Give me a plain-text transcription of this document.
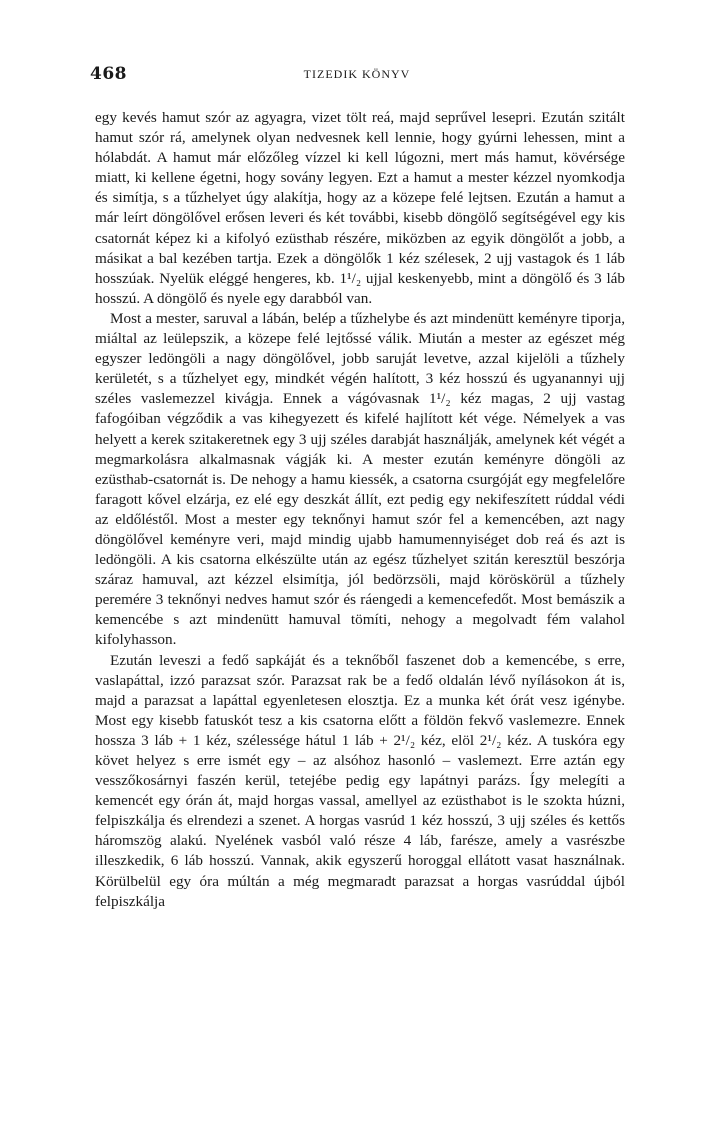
468	TIZEDIK KÖNYV

egy kevés hamut szór az agyagra, vizet tölt reá, majd seprűvel lesepri. Ezután szitált hamut szór rá, amelynek olyan nedvesnek kell lennie, hogy gyúrni lehessen, mint a hólabdát. A hamut már előzőleg vízzel ki kell lúgozni, mert más hamut, kövérsége miatt, ki kellene égetni, hogy sovány legyen. Ezt a hamut a mester kézzel nyomkodja és simítja, s a tűzhelyet úgy alakítja, hogy az a közepe felé lejtsen. Ezután a hamut a már leírt döngölővel erősen leveri és két további, kisebb döngölő segítségével egy kis csatornát képez ki a kifolyó ezüsthab részére, miközben az egyik döngölőt a jobb, a másikat a bal kezében tartja. Ezek a döngölők 1 kéz szélesek, 2 ujj vastagok és 1 láb hosszúak. Nyelük eléggé hengeres, kb. 1¹/₂ ujjal keskenyebb, mint a döngölő és 3 láb hosszú. A döngölő és nyele egy darabból van.

Most a mester, saruval a lábán, belép a tűzhelybe és azt mindenütt keményre tiporja, miáltal az leülepszik, a közepe felé lejtőssé válik. Miután a mester az egészet még egyszer ledöngöli a nagy döngölővel, jobb saruját levetve, azzal kijelöli a tűzhely kerületét, s a tűzhelyet egy, mindkét végén halított, 3 kéz hosszú és ugyanannyi ujj széles vaslemezzel kivágja. Ennek a vágóvasnak 1¹/₂ kéz magas, 2 ujj vastag fafogóiban végződik a vas kihegyezett és kifelé hajlított két vége. Némelyek a vas helyett a kerek szitakeretnek egy 3 ujj széles darabját használják, amelynek két végét a megmarkolásra alkalmasnak vágják ki. A mester ezután keményre döngöli az ezüsthab-csatornát is. De nehogy a hamu kiessék, a csatorna csurgóját egy megfelelőre faragott kővel elzárja, ez elé egy deszkát állít, ezt pedig egy nekifeszített rúddal védi az eldőléstől. Most a mester egy teknőnyi hamut szór fel a kemencében, azt nagy döngölővel keményre veri, majd mindig ujabb hamumennyiséget dob reá és azt is ledöngöli. A kis csatorna elkészülte után az egész tűzhelyet szitán keresztül beszórja száraz hamuval, azt kézzel elsimítja, jól bedörzsöli, majd köröskörül a tűzhely peremére 3 teknőnyi nedves hamut szór és ráengedi a kemencefedőt. Most bemászik a kemencébe s azt mindenütt hamuval tömíti, nehogy a megolvadt fém valahol kifolyhasson.

Ezután leveszi a fedő sapkáját és a teknőből faszenet dob a kemencébe, s erre, vaslapáttal, izzó parazsat szór. Parazsat rak be a fedő oldalán lévő nyílásokon át is, majd a parazsat a lapáttal egyenletesen elosztja. Ez a munka két órát vesz igénybe. Most egy kisebb fatuskót tesz a kis csatorna előtt a földön fekvő vaslemezre. Ennek hossza 3 láb + 1 kéz, szélessége hátul 1 láb + 2¹/₂ kéz, elöl 2¹/₂ kéz. A tuskóra egy követ helyez s erre ismét egy – az alsóhoz hasonló – vaslemezt. Erre aztán egy vesszőkosárnyi faszén kerül, tetejébe pedig egy lapátnyi parázs. Így melegíti a kemencét egy órán át, majd horgas vassal, amellyel az ezüsthabot is le szokta húzni, felpiszkálja és elrendezi a szenet. A horgas vasrúd 1 kéz hosszú, 3 ujj széles és kettős háromszög alakú. Nyelének vasból való része 4 láb, farésze, amely a vasrészbe illeszkedik, 6 láb hosszú. Vannak, akik egyszerű horoggal ellátott vasat használnak. Körülbelül egy óra múltán a még megmaradt parazsat a horgas vasrúddal újból felpiszkálja
